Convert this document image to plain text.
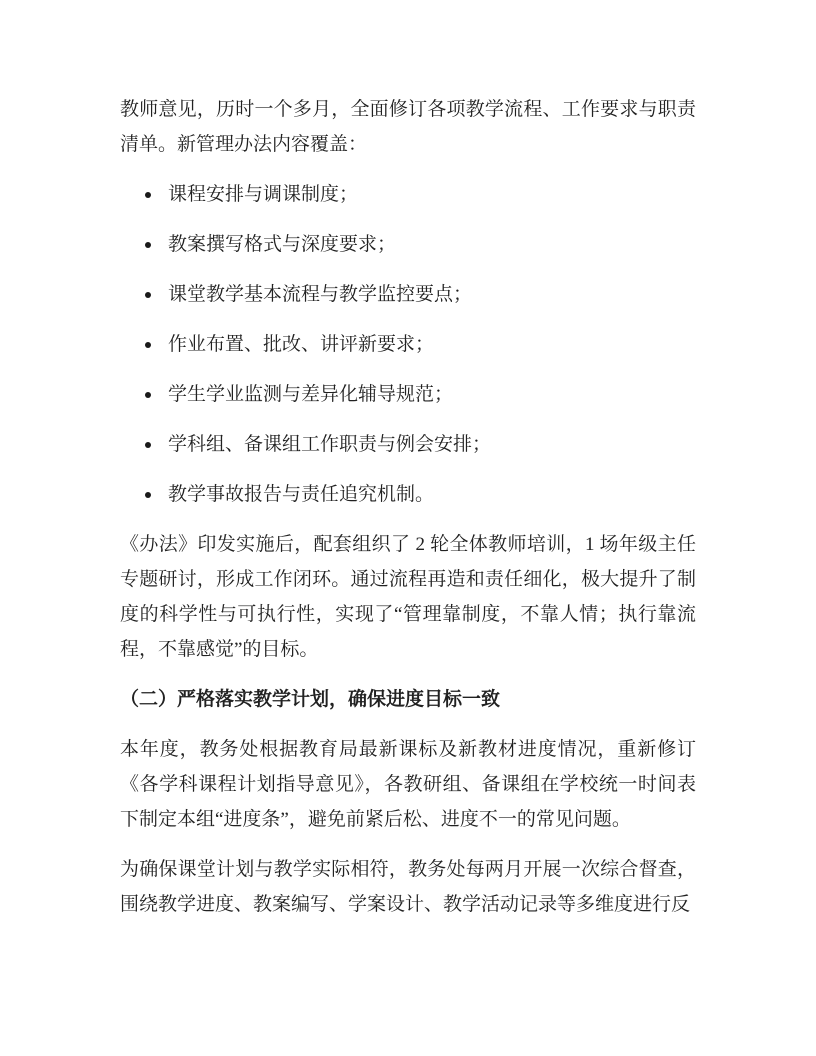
教师意见，历时一个多月，全面修订各项教学流程、工作要求与职责清单。新管理办法内容覆盖：

课程安排与调课制度；
教案撰写格式与深度要求；
课堂教学基本流程与教学监控要点；
作业布置、批改、讲评新要求；
学生学业监测与差异化辅导规范；
学科组、备课组工作职责与例会安排；
教学事故报告与责任追究机制。

《办法》印发实施后，配套组织了 2 轮全体教师培训，1 场年级主任专题研讨，形成工作闭环。通过流程再造和责任细化，极大提升了制度的科学性与可执行性，实现了“管理靠制度，不靠人情；执行靠流程，不靠感觉”的目标。

（二）严格落实教学计划，确保进度目标一致

本年度，教务处根据教育局最新课标及新教材进度情况，重新修订《各学科课程计划指导意见》，各教研组、备课组在学校统一时间表下制定本组“进度条”，避免前紧后松、进度不一的常见问题。

为确保课堂计划与教学实际相符，教务处每两月开展一次综合督查，围绕教学进度、教案编写、学案设计、教学活动记录等多维度进行反
